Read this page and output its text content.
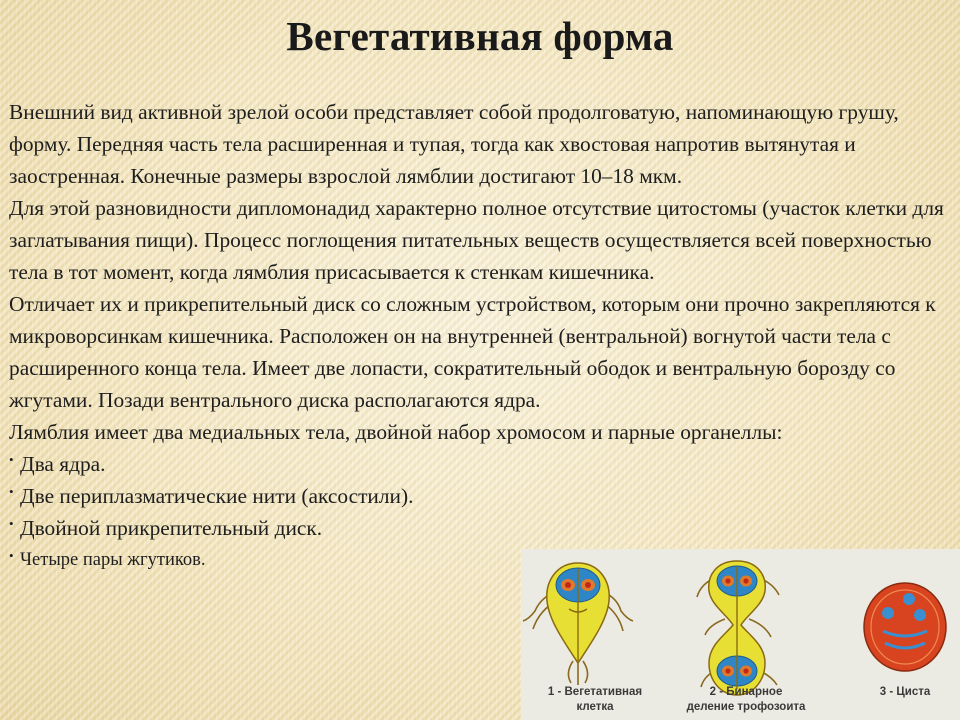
Вегетативная форма

Внешний вид активной зрелой особи представляет собой продолговатую, напоминающую грушу, форму. Передняя часть тела расширенная и тупая, тогда как хвостовая напротив вытянутая и заостренная. Конечные размеры взрослой лямблии достигают 10–18 мкм.

Для этой разновидности дипломонадид характерно полное отсутствие цитостомы (участок клетки для заглатывания пищи). Процесс поглощения питательных веществ осуществляется всей поверхностью тела в тот момент, когда лямблия присасывается к стенкам кишечника.

Отличает их и прикрепительный диск со сложным устройством, которым они прочно закрепляются к микроворсинкам кишечника. Расположен он на внутренней (вентральной) вогнутой части тела с расширенного конца тела. Имеет две лопасти, сократительный ободок и вентральную борозду со жгутами. Позади вентрального диска располагаются ядра.

Лямблия имеет два медиальных тела, двойной набор хромосом и парные органеллы:

• Два ядра.
• Две периплазматические нити (аксостили).
• Двойной прикрепительный диск.
• Четыре пары жгутиков.
1 - Вегетативная
клетка
2 - Бинарное
деление трофозоита
3 - Циста
